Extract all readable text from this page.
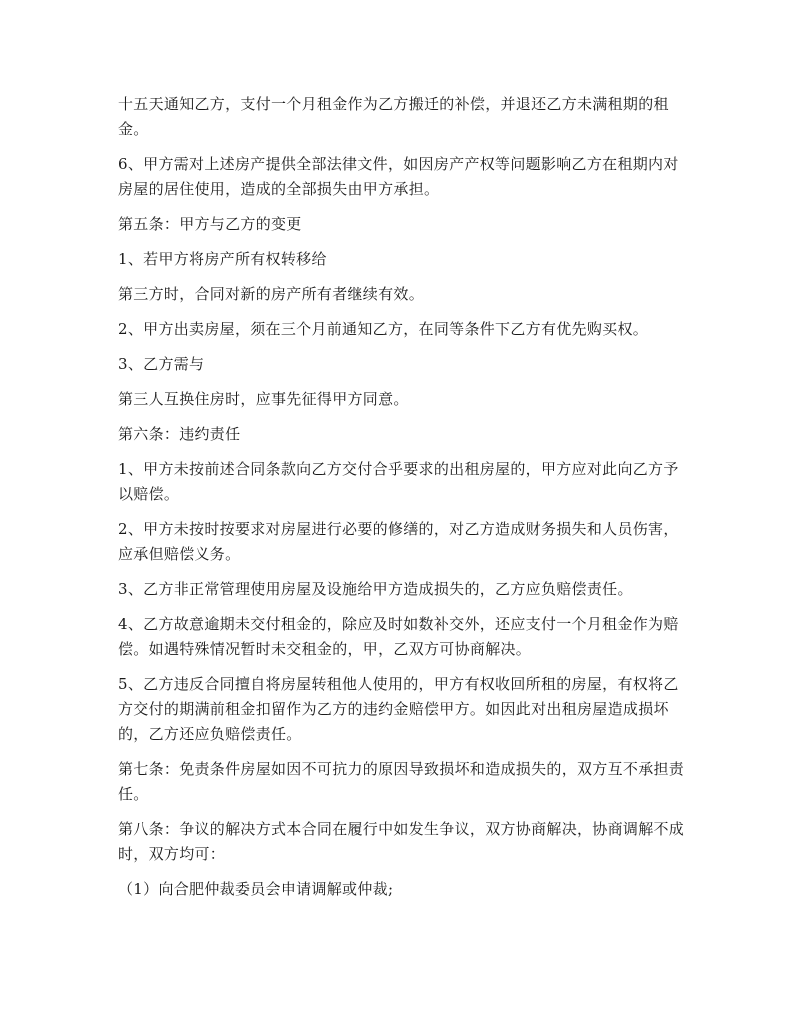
十五天通知乙方，支付一个月租金作为乙方搬迁的补偿，并退还乙方未满租期的租金。

6、甲方需对上述房产提供全部法律文件，如因房产产权等问题影响乙方在租期内对房屋的居住使用，造成的全部损失由甲方承担。

第五条：甲方与乙方的变更

1、若甲方将房产所有权转移给

第三方时，合同对新的房产所有者继续有效。

2、甲方出卖房屋，须在三个月前通知乙方，在同等条件下乙方有优先购买权。

3、乙方需与

第三人互换住房时，应事先征得甲方同意。

第六条：违约责任

1、甲方未按前述合同条款向乙方交付合乎要求的出租房屋的，甲方应对此向乙方予以赔偿。

2、甲方未按时按要求对房屋进行必要的修缮的，对乙方造成财务损失和人员伤害，应承但赔偿义务。

3、乙方非正常管理使用房屋及设施给甲方造成损失的，乙方应负赔偿责任。

4、乙方故意逾期未交付租金的，除应及时如数补交外，还应支付一个月租金作为赔偿。如遇特殊情况暂时未交租金的，甲，乙双方可协商解决。

5、乙方违反合同擅自将房屋转租他人使用的，甲方有权收回所租的房屋，有权将乙方交付的期满前租金扣留作为乙方的违约金赔偿甲方。如因此对出租房屋造成损坏的，乙方还应负赔偿责任。

第七条：免责条件房屋如因不可抗力的原因导致损坏和造成损失的，双方互不承担责任。

第八条：争议的解决方式本合同在履行中如发生争议，双方协商解决，协商调解不成时，双方均可：

（1）向合肥仲裁委员会申请调解或仲裁;
